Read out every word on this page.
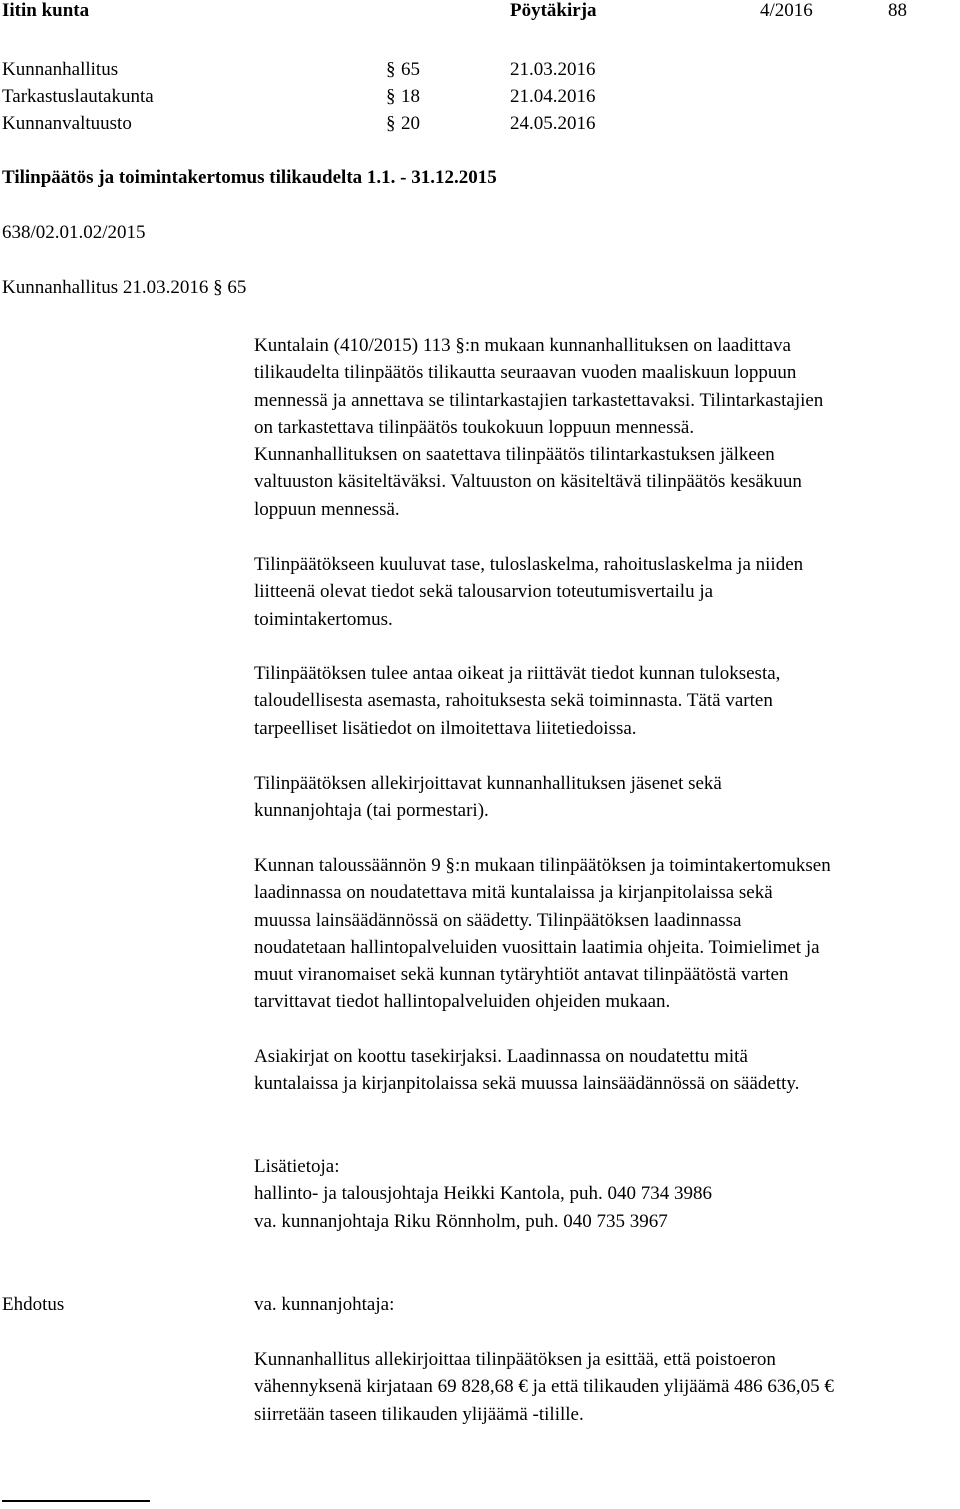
Iitin kunta	Pöytäkirja	4/2016	88
Kunnanhallitus	§ 65	21.03.2016
Tarkastuslautakunta	§ 18	21.04.2016
Kunnanvaltuusto	§ 20	24.05.2016
Tilinpäätös ja toimintakertomus tilikaudelta 1.1. - 31.12.2015
638/02.01.02/2015
Kunnanhallitus 21.03.2016 § 65
Kuntalain (410/2015) 113 §:n mukaan kunnanhallituksen on laadittava
tilikaudelta tilinpäätös tilikautta seuraavan vuoden maaliskuun loppuun
mennessä ja annettava se tilintarkastajien tarkastettavaksi. Tilintarkastajien
on tarkastettava tilinpäätös toukokuun loppuun mennessä.
Kunnanhallituksen on saatettava tilinpäätös tilintarkastuksen jälkeen
valtuuston käsiteltäväksi. Valtuuston on käsiteltävä tilinpäätös kesäkuun
loppuun mennessä.
Tilinpäätökseen kuuluvat tase, tuloslaskelma, rahoituslaskelma ja niiden
liitteenä olevat tiedot sekä talousarvion toteutumisvertailu ja
toimintakertomus.
Tilinpäätöksen tulee antaa oikeat ja riittävät tiedot kunnan tuloksesta,
taloudellisesta asemasta, rahoituksesta sekä toiminnasta. Tätä varten
tarpeelliset lisätiedot on ilmoitettava liitetiedoissa.
Tilinpäätöksen allekirjoittavat kunnanhallituksen jäsenet sekä
kunnanjohtaja (tai pormestari).
Kunnan taloussäännön 9 §:n mukaan tilinpäätöksen ja toimintakertomuksen
laadinnassa on noudatettava mitä kuntalaissa ja kirjanpitolaissa sekä
muussa lainsäädännössä on säädetty. Tilinpäätöksen laadinnassa
noudatetaan hallintopalveluiden vuosittain laatimia ohjeita. Toimielimet ja
muut viranomaiset sekä kunnan tytäryhtiöt antavat tilinpäätöstä varten
tarvittavat tiedot hallintopalveluiden ohjeiden mukaan.
Asiakirjat on koottu tasekirjaksi. Laadinnassa on noudatettu mitä
kuntalaissa ja kirjanpitolaissa sekä muussa lainsäädännössä on säädetty.
Lisätietoja:
hallinto- ja talousjohtaja Heikki Kantola, puh. 040 734 3986
va. kunnanjohtaja Riku Rönnholm, puh. 040 735 3967
Ehdotus	va. kunnanjohtaja:
Kunnanhallitus allekirjoittaa tilinpäätöksen ja esittää, että poistoeron
vähennyksenä kirjataan 69 828,68 € ja että tilikauden ylijäämä 486 636,05 €
siirretään taseen tilikauden ylijäämä -tilille.
